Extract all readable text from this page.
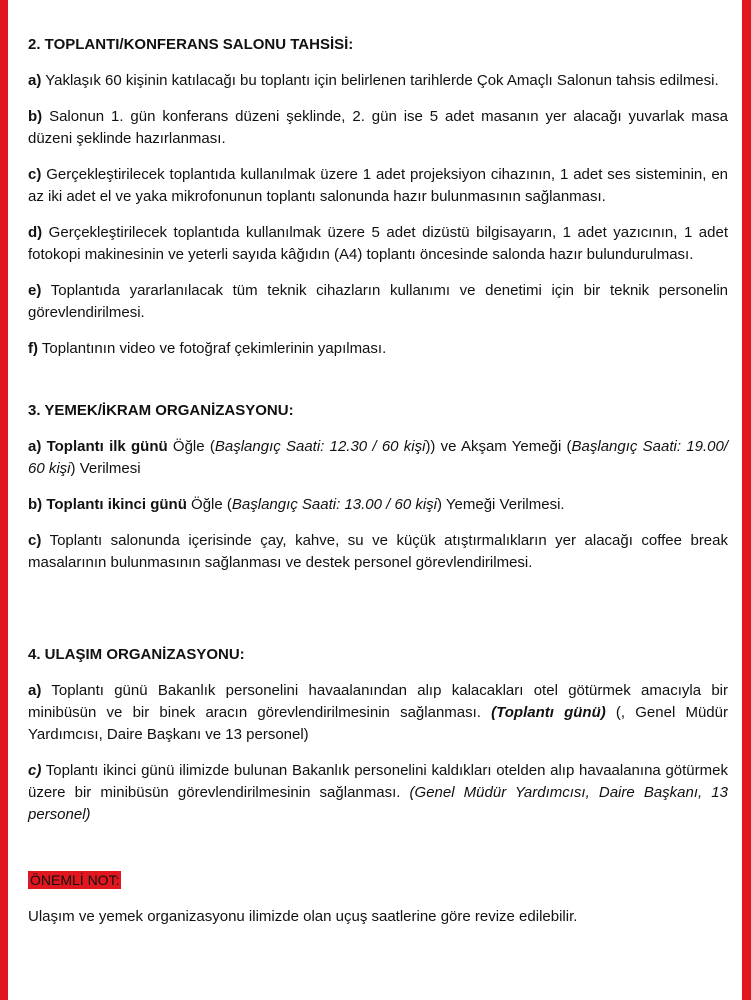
2. TOPLANTI/KONFERANS SALONU TAHSİSİ:

a) Yaklaşık 60 kişinin katılacağı bu toplantı için belirlenen tarihlerde Çok Amaçlı Salonun tahsis edilmesi.

b) Salonun 1. gün konferans düzeni şeklinde, 2. gün ise 5 adet masanın yer alacağı yuvarlak masa düzeni şeklinde hazırlanması.

c) Gerçekleştirilecek toplantıda kullanılmak üzere 1 adet projeksiyon cihazının, 1 adet ses sisteminin, en az iki adet el ve yaka mikrofonunun toplantı salonunda hazır bulunmasının sağlanması.

d) Gerçekleştirilecek toplantıda kullanılmak üzere 5 adet dizüstü bilgisayarın, 1 adet yazıcının, 1 adet fotokopi makinesinin ve yeterli sayıda kâğıdın (A4) toplantı öncesinde salonda hazır bulundurulması.

e) Toplantıda yararlanılacak tüm teknik cihazların kullanımı ve denetimi için bir teknik personelin görevlendirilmesi.

f) Toplantının video ve fotoğraf çekimlerinin yapılması.

3. YEMEK/İKRAM ORGANİZASYONU:

a) Toplantı ilk günü Öğle (Başlangıç Saati: 12.30 / 60 kişi)) ve Akşam Yemeği (Başlangıç Saati: 19.00/ 60 kişi) Verilmesi

b) Toplantı ikinci günü Öğle (Başlangıç Saati: 13.00 / 60 kişi) Yemeği Verilmesi.

c) Toplantı salonunda içerisinde çay, kahve, su ve küçük atıştırmalıkların yer alacağı coffee break masalarının bulunmasının sağlanması ve destek personel görevlendirilmesi.

4. ULAŞIM ORGANİZASYONU:

a) Toplantı günü Bakanlık personelini havaalanından alıp kalacakları otel götürmek amacıyla bir minibüsün ve bir binek aracın görevlendirilmesinin sağlanması. (Toplantı günü) (, Genel Müdür Yardımcısı, Daire Başkanı ve 13 personel)

c) Toplantı ikinci günü ilimizde bulunan Bakanlık personelini kaldıkları otelden alıp havaalanına götürmek üzere bir minibüsün görevlendirilmesinin sağlanması. (Genel Müdür Yardımcısı, Daire Başkanı, 13 personel)

ÖNEMLİ NOT:

Ulaşım ve yemek organizasyonu ilimizde olan uçuş saatlerine göre revize edilebilir.
